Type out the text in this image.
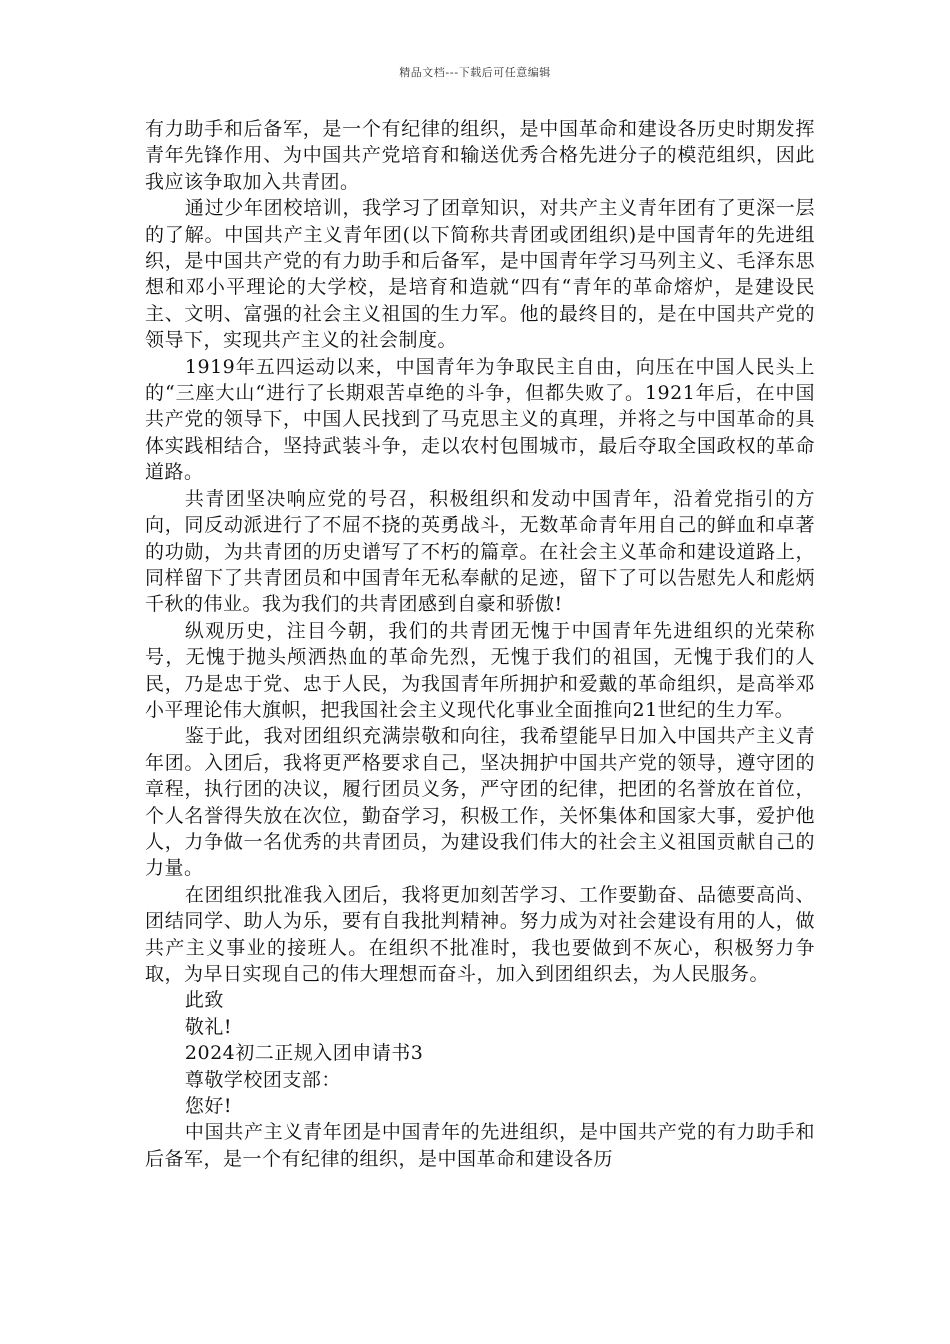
精品文档---下载后可任意编辑

有力助手和后备军，是一个有纪律的组织，是中国革命和建设各历史时期发挥青年先锋作用、为中国共产党培育和输送优秀合格先进分子的模范组织，因此我应该争取加入共青团。

通过少年团校培训，我学习了团章知识，对共产主义青年团有了更深一层的了解。中国共产主义青年团(以下简称共青团或团组织)是中国青年的先进组织，是中国共产党的有力助手和后备军，是中国青年学习马列主义、毛泽东思想和邓小平理论的大学校，是培育和造就“四有“青年的革命熔炉，是建设民主、文明、富强的社会主义祖国的生力军。他的最终目的，是在中国共产党的领导下，实现共产主义的社会制度。

1919年五四运动以来，中国青年为争取民主自由，向压在中国人民头上的“三座大山“进行了长期艰苦卓绝的斗争，但都失败了。1921年后，在中国共产党的领导下，中国人民找到了马克思主义的真理，并将之与中国革命的具体实践相结合，坚持武装斗争，走以农村包围城市，最后夺取全国政权的革命道路。

共青团坚决响应党的号召，积极组织和发动中国青年，沿着党指引的方向，同反动派进行了不屈不挠的英勇战斗，无数革命青年用自己的鲜血和卓著的功勋，为共青团的历史谱写了不朽的篇章。在社会主义革命和建设道路上，同样留下了共青团员和中国青年无私奉献的足迹，留下了可以告慰先人和彪炳千秋的伟业。我为我们的共青团感到自豪和骄傲!

纵观历史，注目今朝，我们的共青团无愧于中国青年先进组织的光荣称号，无愧于抛头颅洒热血的革命先烈，无愧于我们的祖国，无愧于我们的人民，乃是忠于党、忠于人民，为我国青年所拥护和爱戴的革命组织，是高举邓小平理论伟大旗帜，把我国社会主义现代化事业全面推向21世纪的生力军。

鉴于此，我对团组织充满崇敬和向往，我希望能早日加入中国共产主义青年团。入团后，我将更严格要求自己，坚决拥护中国共产党的领导，遵守团的章程，执行团的决议，履行团员义务，严守团的纪律，把团的名誉放在首位，个人名誉得失放在次位，勤奋学习，积极工作，关怀集体和国家大事，爱护他人，力争做一名优秀的共青团员，为建设我们伟大的社会主义祖国贡献自己的力量。

在团组织批准我入团后，我将更加刻苦学习、工作要勤奋、品德要高尚、团结同学、助人为乐，要有自我批判精神。努力成为对社会建设有用的人，做共产主义事业的接班人。在组织不批准时，我也要做到不灰心，积极努力争取，为早日实现自己的伟大理想而奋斗，加入到团组织去，为人民服务。

此致

敬礼!

2024初二正规入团申请书3

尊敬学校团支部：

您好!

中国共产主义青年团是中国青年的先进组织，是中国共产党的有力助手和后备军，是一个有纪律的组织，是中国革命和建设各历
